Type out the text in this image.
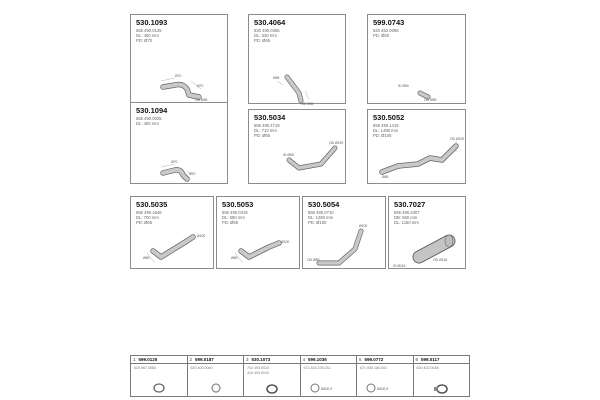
530.1093
655 490.0125
DL: 460 mm
PD: Ø70
Ø70
Ø70
OD Ø65
530.4064
620 490.0465
DL: 330 mm
PD: Ø65
Ø65
OD Ø65
599.0743
620 462.0095
PD: Ø50
ID Ø50
OD Ø55
530.1094
655 490.0025
DL: 460 mm
Ø70
Ø70
530.5034
655 490.4719
DL: 710 mm
PD: Ø65
ID Ø65
OD Ø120
530.5052
655 490.1419
DL: 1480 mm
PD: Ø100
OD Ø100
Ø65
530.5035
655 490.1846
DL: 700 mm
PD: Ø65
Ø65
Ø100
530.5053
655 490.0319
DL: 580 mm
PD: Ø65
Ø65
Ø100
530.5054
655 490.0710
DL: 1460 mm
PD: Ø100
Ø100
OD Ø85
530.7027
655 490.2307
DB: 560 mm
DL: 1150 mm
ID Ø115
OD Ø118
1 599.0125
620 867.0080
2 599.0187
620 400.0040
3 530.1073
702 493.0010
415 493.0010
4 599.1036
671.315.193.031
Ø100.9
5 599.0772
671 055 184.001
Ø100.5
6 599.0117
620 402.0048
